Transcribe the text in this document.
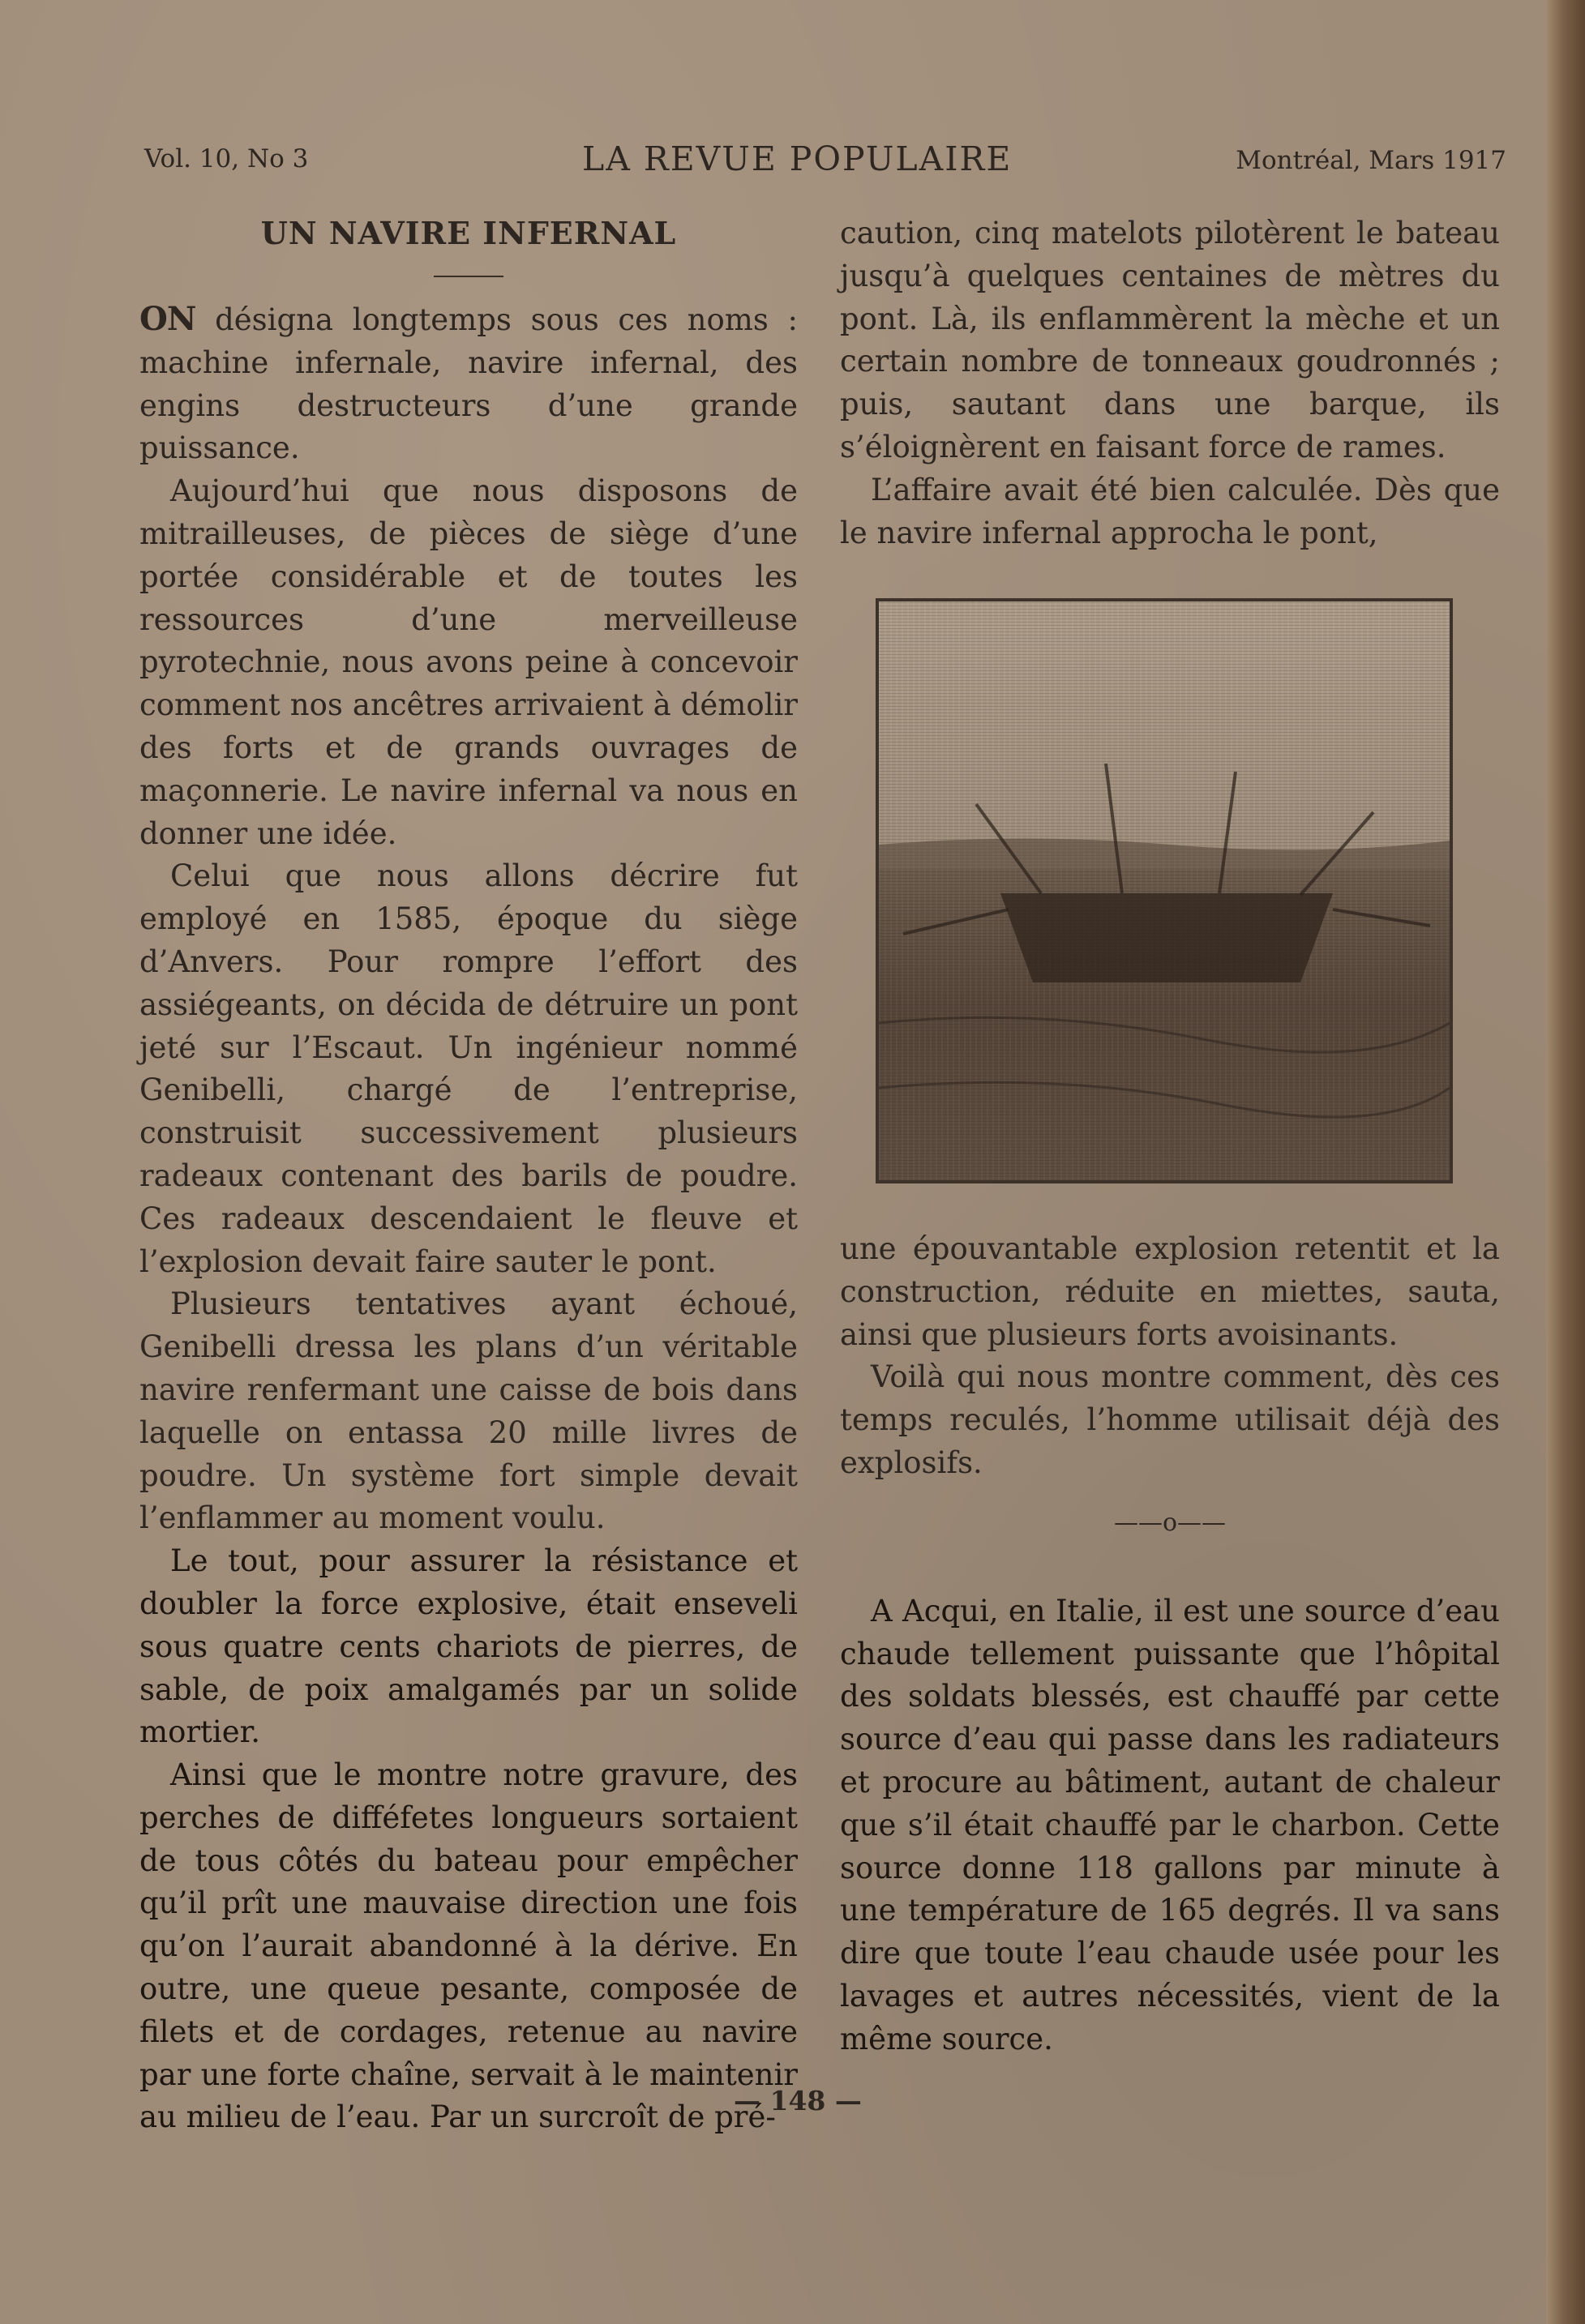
Vol. 10, No 3	LA REVUE POPULAIRE	Montréal, Mars 1917
UN NAVIRE INFERNAL

ON désigna longtemps sous ces noms : machine infernale, navire infernal, des engins destructeurs d’une grande puissance.

Aujourd’hui que nous disposons de mitrailleuses, de pièces de siège d’une portée considérable et de toutes les ressources d’une merveilleuse pyrotechnie, nous avons peine à concevoir comment nos ancêtres arrivaient à démolir des forts et de grands ouvrages de maçonnerie. Le navire infernal va nous en donner une idée.

Celui que nous allons décrire fut employé en 1585, époque du siège d’Anvers. Pour rompre l’effort des assiégeants, on décida de détruire un pont jeté sur l’Escaut. Un ingénieur nommé Genibelli, chargé de l’entreprise, construisit successivement plusieurs radeaux contenant des barils de poudre. Ces radeaux descendaient le fleuve et l’explosion devait faire sauter le pont.

Plusieurs tentatives ayant échoué, Genibelli dressa les plans d’un véritable navire renfermant une caisse de bois dans laquelle on entassa 20 mille livres de poudre. Un système fort simple devait l’enflammer au moment voulu.

Le tout, pour assurer la résistance et doubler la force explosive, était enseveli sous quatre cents chariots de pierres, de sable, de poix amalgamés par un solide mortier.

Ainsi que le montre notre gravure, des perches de difféfetes longueurs sortaient de tous côtés du bateau pour empêcher qu’il prît une mauvaise direction une fois qu’on l’aurait abandonné à la dérive. En outre, une queue pesante, composée de filets et de cordages, retenue au navire par une forte chaîne, servait à le maintenir au milieu de l’eau. Par un surcroît de pré-

caution, cinq matelots pilotèrent le bateau jusqu’à quelques centaines de mètres du pont. Là, ils enflammèrent la mèche et un certain nombre de tonneaux goudronnés ; puis, sautant dans une barque, ils s’éloignèrent en faisant force de rames.

L’affaire avait été bien calculée. Dès que le navire infernal approcha le pont,

une épouvantable explosion retentit et la construction, réduite en miettes, sauta, ainsi que plusieurs forts avoisinants.

Voilà qui nous montre comment, dès ces temps reculés, l’homme utilisait déjà des explosifs.

——o——

A Acqui, en Italie, il est une source d’eau chaude tellement puissante que l’hôpital des soldats blessés, est chauffé par cette source d’eau qui passe dans les radiateurs et procure au bâtiment, autant de chaleur que s’il était chauffé par le charbon. Cette source donne 118 gallons par minute à une température de 165 degrés. Il va sans dire que toute l’eau chaude usée pour les lavages et autres nécessités, vient de la même source.

— 148 —
